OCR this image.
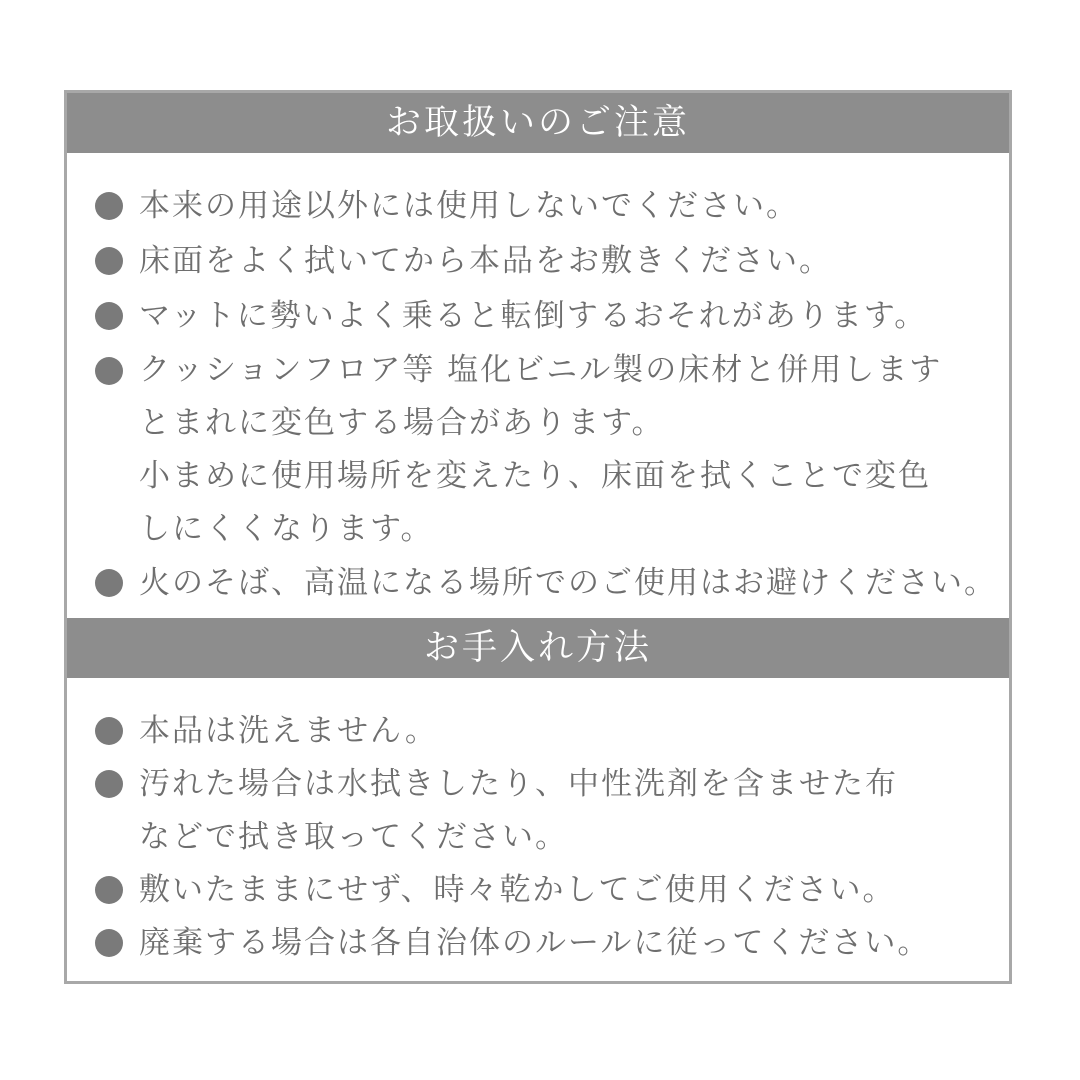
お取扱いのご注意
本来の用途以外には使用しないでください。
床面をよく拭いてから本品をお敷きください。
マットに勢いよく乗ると転倒するおそれがあります。
クッションフロア等 塩化ビニル製の床材と併用します
とまれに変色する場合があります。
小まめに使用場所を変えたり、床面を拭くことで変色
しにくくなります。
火のそば、高温になる場所でのご使用はお避けください。
お手入れ方法
本品は洗えません。
汚れた場合は水拭きしたり、中性洗剤を含ませた布
などで拭き取ってください。
敷いたままにせず、時々乾かしてご使用ください。
廃棄する場合は各自治体のルールに従ってください。
